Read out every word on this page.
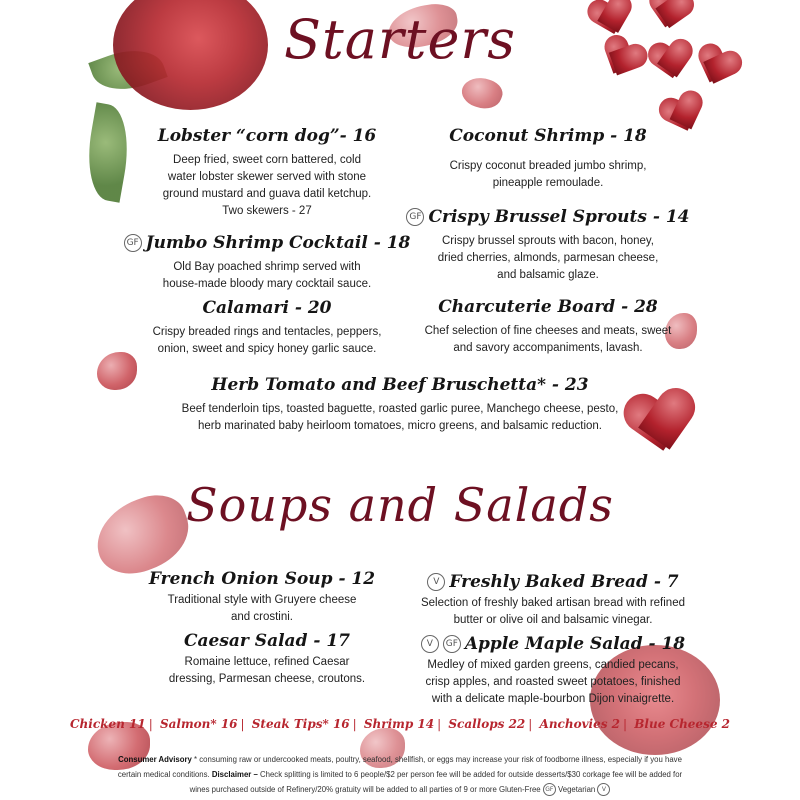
Starters
Lobster “corn dog”- 16
Deep fried, sweet corn battered, cold
water lobster skewer served with stone
ground mustard and guava datil ketchup.
Two skewers - 27
GF Jumbo Shrimp Cocktail - 18
Old Bay poached shrimp served with
house-made bloody mary cocktail sauce.
Calamari - 20
Crispy breaded rings and tentacles, peppers,
onion, sweet and spicy honey garlic sauce.
Coconut Shrimp - 18
Crispy coconut breaded jumbo shrimp,
pineapple remoulade.
GF Crispy Brussel Sprouts - 14
Crispy brussel sprouts with bacon, honey,
dried cherries, almonds, parmesan cheese,
and balsamic glaze.
Charcuterie Board - 28
Chef selection of fine cheeses and meats, sweet
and savory accompaniments, lavash.
Herb Tomato and Beef Bruschetta* - 23
Beef tenderloin tips, toasted baguette, roasted garlic puree, Manchego cheese, pesto,
herb marinated baby heirloom tomatoes, micro greens, and balsamic reduction.
Soups and Salads
French Onion Soup - 12
Traditional style with Gruyere cheese
and crostini.
Caesar Salad - 17
Romaine lettuce, refined Caesar
dressing, Parmesan cheese, croutons.
V Freshly Baked Bread - 7
Selection of freshly baked artisan bread with refined
butter or olive oil and balsamic vinegar.
V	GF Apple Maple Salad - 18
Medley of mixed garden greens, candied pecans,
crisp apples, and roasted sweet potatoes, finished
with a delicate maple-bourbon Dijon vinaigrette.
Chicken 11 | Salmon* 16 | Steak Tips* 16 | Shrimp 14 | Scallops 22 | Anchovies 2 | Blue Cheese 2
Consumer Advisory * consuming raw or undercooked meats, poultry, seafood, shellfish, or eggs may increase your risk of foodborne illness, especially if you have certain medical conditions. Disclaimer – Check splitting is limited to 6 people/$2 per person fee will be added for outside desserts/$30 corkage fee will be added for wines purchased outside of Refinery/20% gratuity will be added to all parties of 9 or more Gluten-Free GF Vegetarian V
